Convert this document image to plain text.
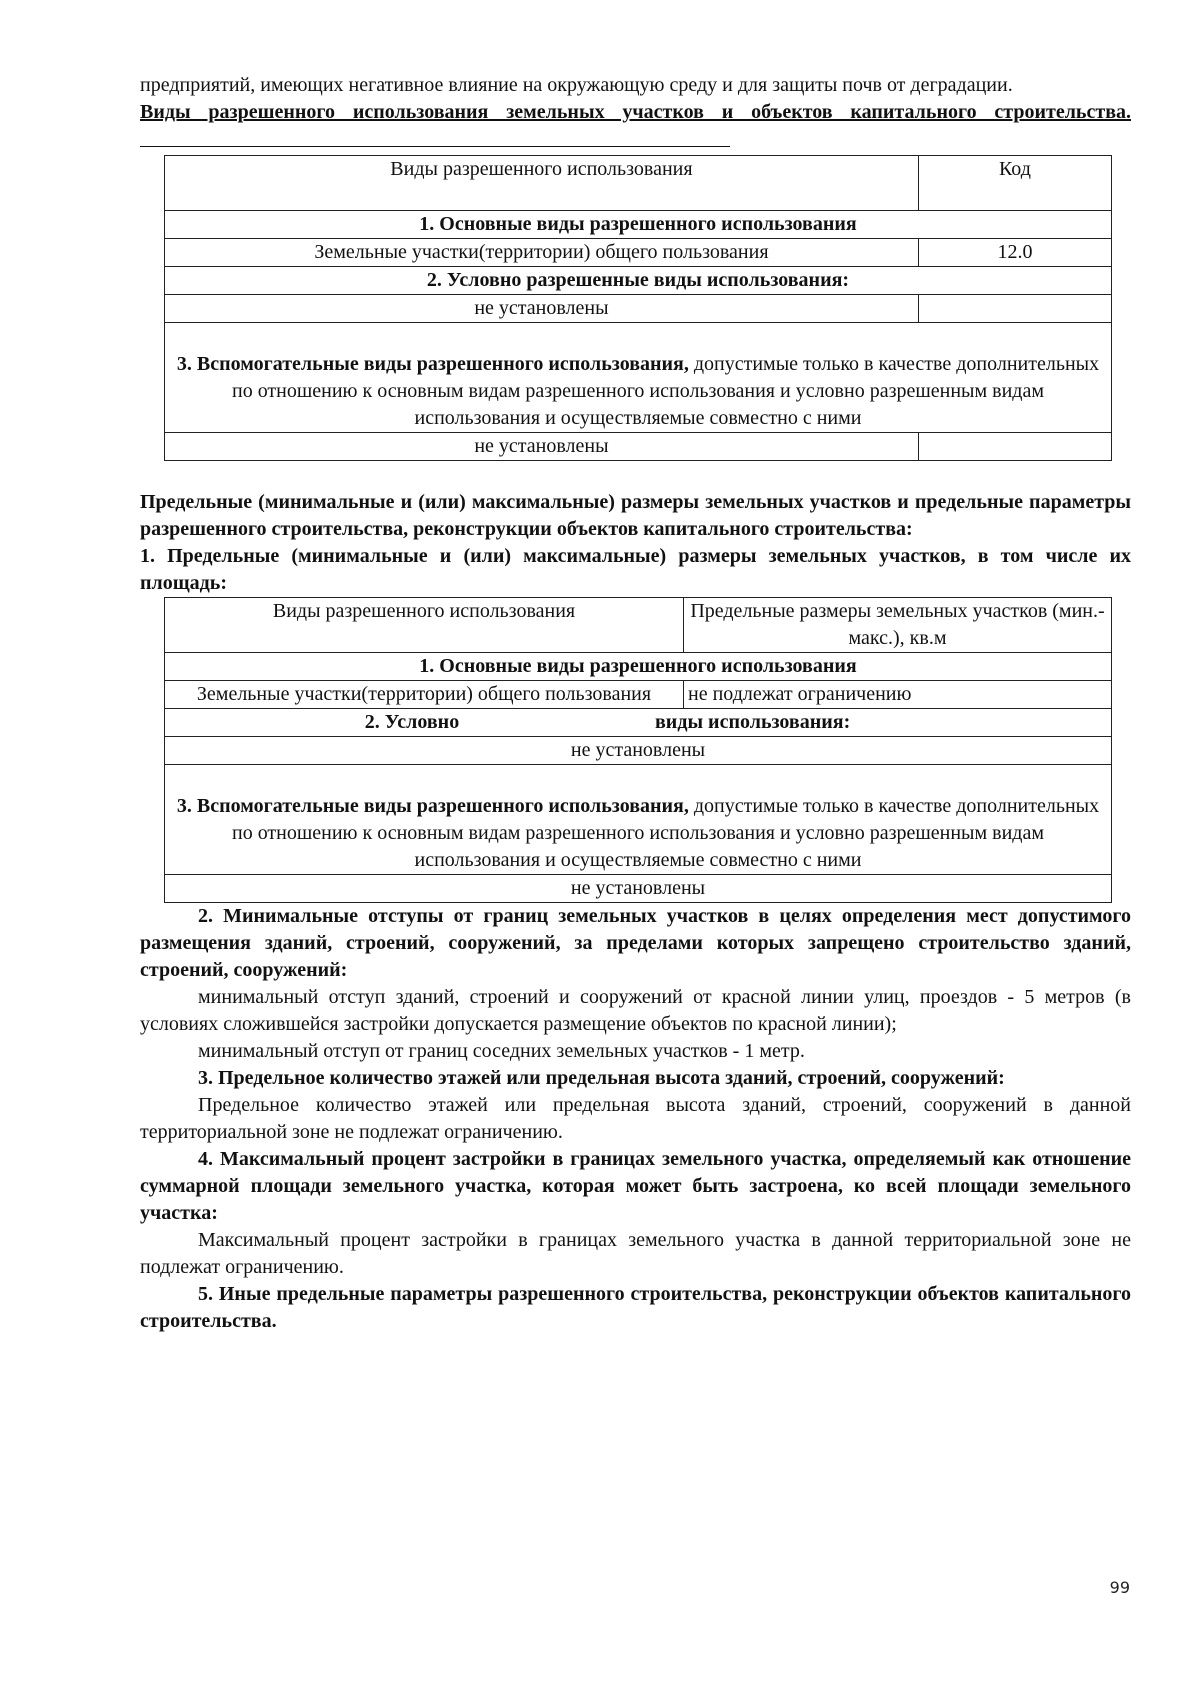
предприятий, имеющих негативное влияние на окружающую среду и для защиты почв от деградации.

Виды разрешенного использования земельных участков и объектов капитального строительства.

Виды разрешенного использования	Код
1. Основные виды разрешенного использования	
Земельные участки(территории) общего пользования	12.0
2. Условно разрешенные виды использования:	
не установлены	
3. Вспомогательные виды разрешенного использования, допустимые только в качестве дополнительных по отношению к основным видам разрешенного использования и условно разрешенным видам использования и осуществляемые совместно с ними	
не установлены	

Предельные (минимальные и (или) максимальные) размеры земельных участков и предельные параметры разрешенного строительства, реконструкции объектов капитального строительства:

1. Предельные (минимальные и (или) максимальные) размеры земельных участков, в том числе их площадь:

Виды разрешенного использования	Предельные размеры земельных участков (мин.-макс.), кв.м
1. Основные виды разрешенного использования	
Земельные участки(территории) общего пользования	не подлежат ограничению
2. Условно виды использования:	
не установлены	
3. Вспомогательные виды разрешенного использования, допустимые только в качестве дополнительных по отношению к основным видам разрешенного использования и условно разрешенным видам использования и осуществляемые совместно с ними	
не установлены	

2. Минимальные отступы от границ земельных участков в целях определения мест допустимого размещения зданий, строений, сооружений, за пределами которых запрещено строительство зданий, строений, сооружений:

минимальный отступ зданий, строений и сооружений от красной линии улиц, проездов - 5 метров (в условиях сложившейся застройки допускается размещение объектов по красной линии);

минимальный отступ от границ соседних земельных участков - 1 метр.

3. Предельное количество этажей или предельная высота зданий, строений, сооружений:

Предельное количество этажей или предельная высота зданий, строений, сооружений в данной территориальной зоне не подлежат ограничению.

4. Максимальный процент застройки в границах земельного участка, определяемый как отношение суммарной площади земельного участка, которая может быть застроена, ко всей площади земельного участка:

Максимальный процент застройки в границах земельного участка в данной территориальной зоне не подлежат ограничению.

5. Иные предельные параметры разрешенного строительства, реконструкции объектов капитального строительства.

99
